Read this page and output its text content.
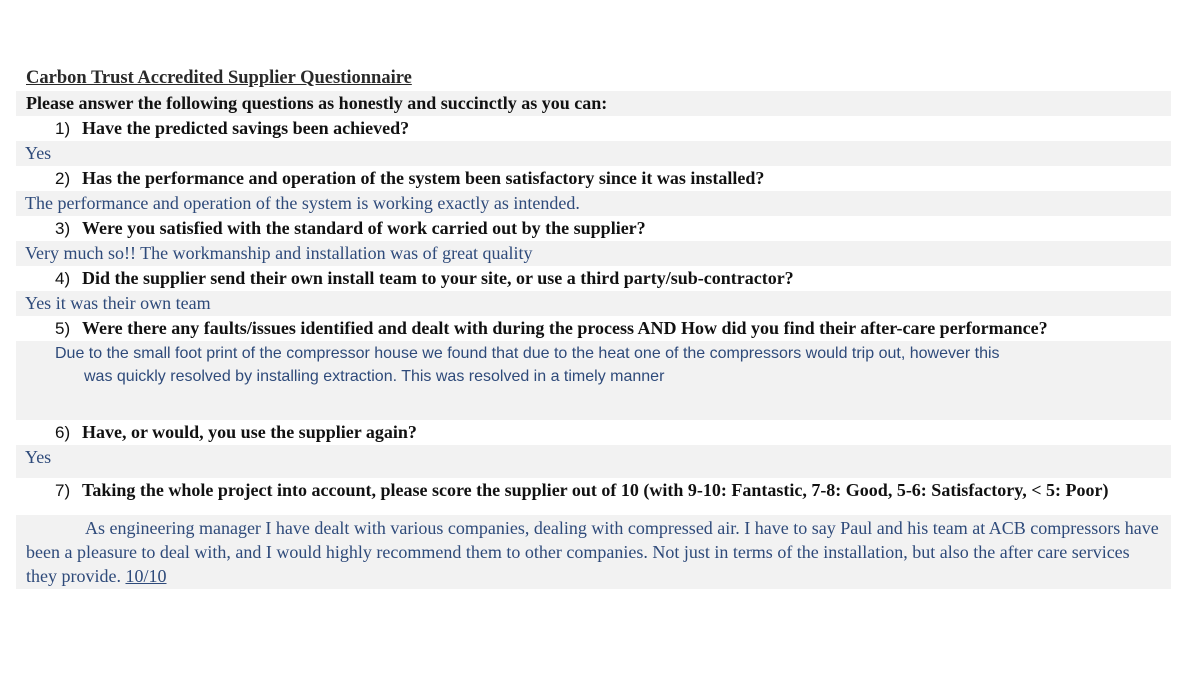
Carbon Trust Accredited Supplier Questionnaire
Please answer the following questions as honestly and succinctly as you can:
1) Have the predicted savings been achieved?
Yes
2) Has the performance and operation of the system been satisfactory since it was installed?
The performance and operation of the system is working exactly as intended.
3) Were you satisfied with the standard of work carried out by the supplier?
Very much so!! The workmanship and installation was of great quality
4) Did the supplier send their own install team to your site, or use a third party/sub-contractor?
Yes it was their own team
5) Were there any faults/issues identified and dealt with during the process AND How did you find their after-care performance?
Due to the small foot print of the compressor house we found that due to the heat one of the compressors would trip out, however this
was quickly resolved by installing extraction. This was resolved in a timely manner
6) Have, or would, you use the supplier again?
Yes
7) Taking the whole project into account, please score the supplier out of 10 (with 9-10: Fantastic, 7-8: Good, 5-6: Satisfactory, < 5: Poor)
As engineering manager I have dealt with various companies, dealing with compressed air. I have to say Paul and his team at ACB compressors have been a pleasure to deal with, and I would highly recommend them to other companies. Not just in terms of the installation, but also the after care services they provide. 10/10
